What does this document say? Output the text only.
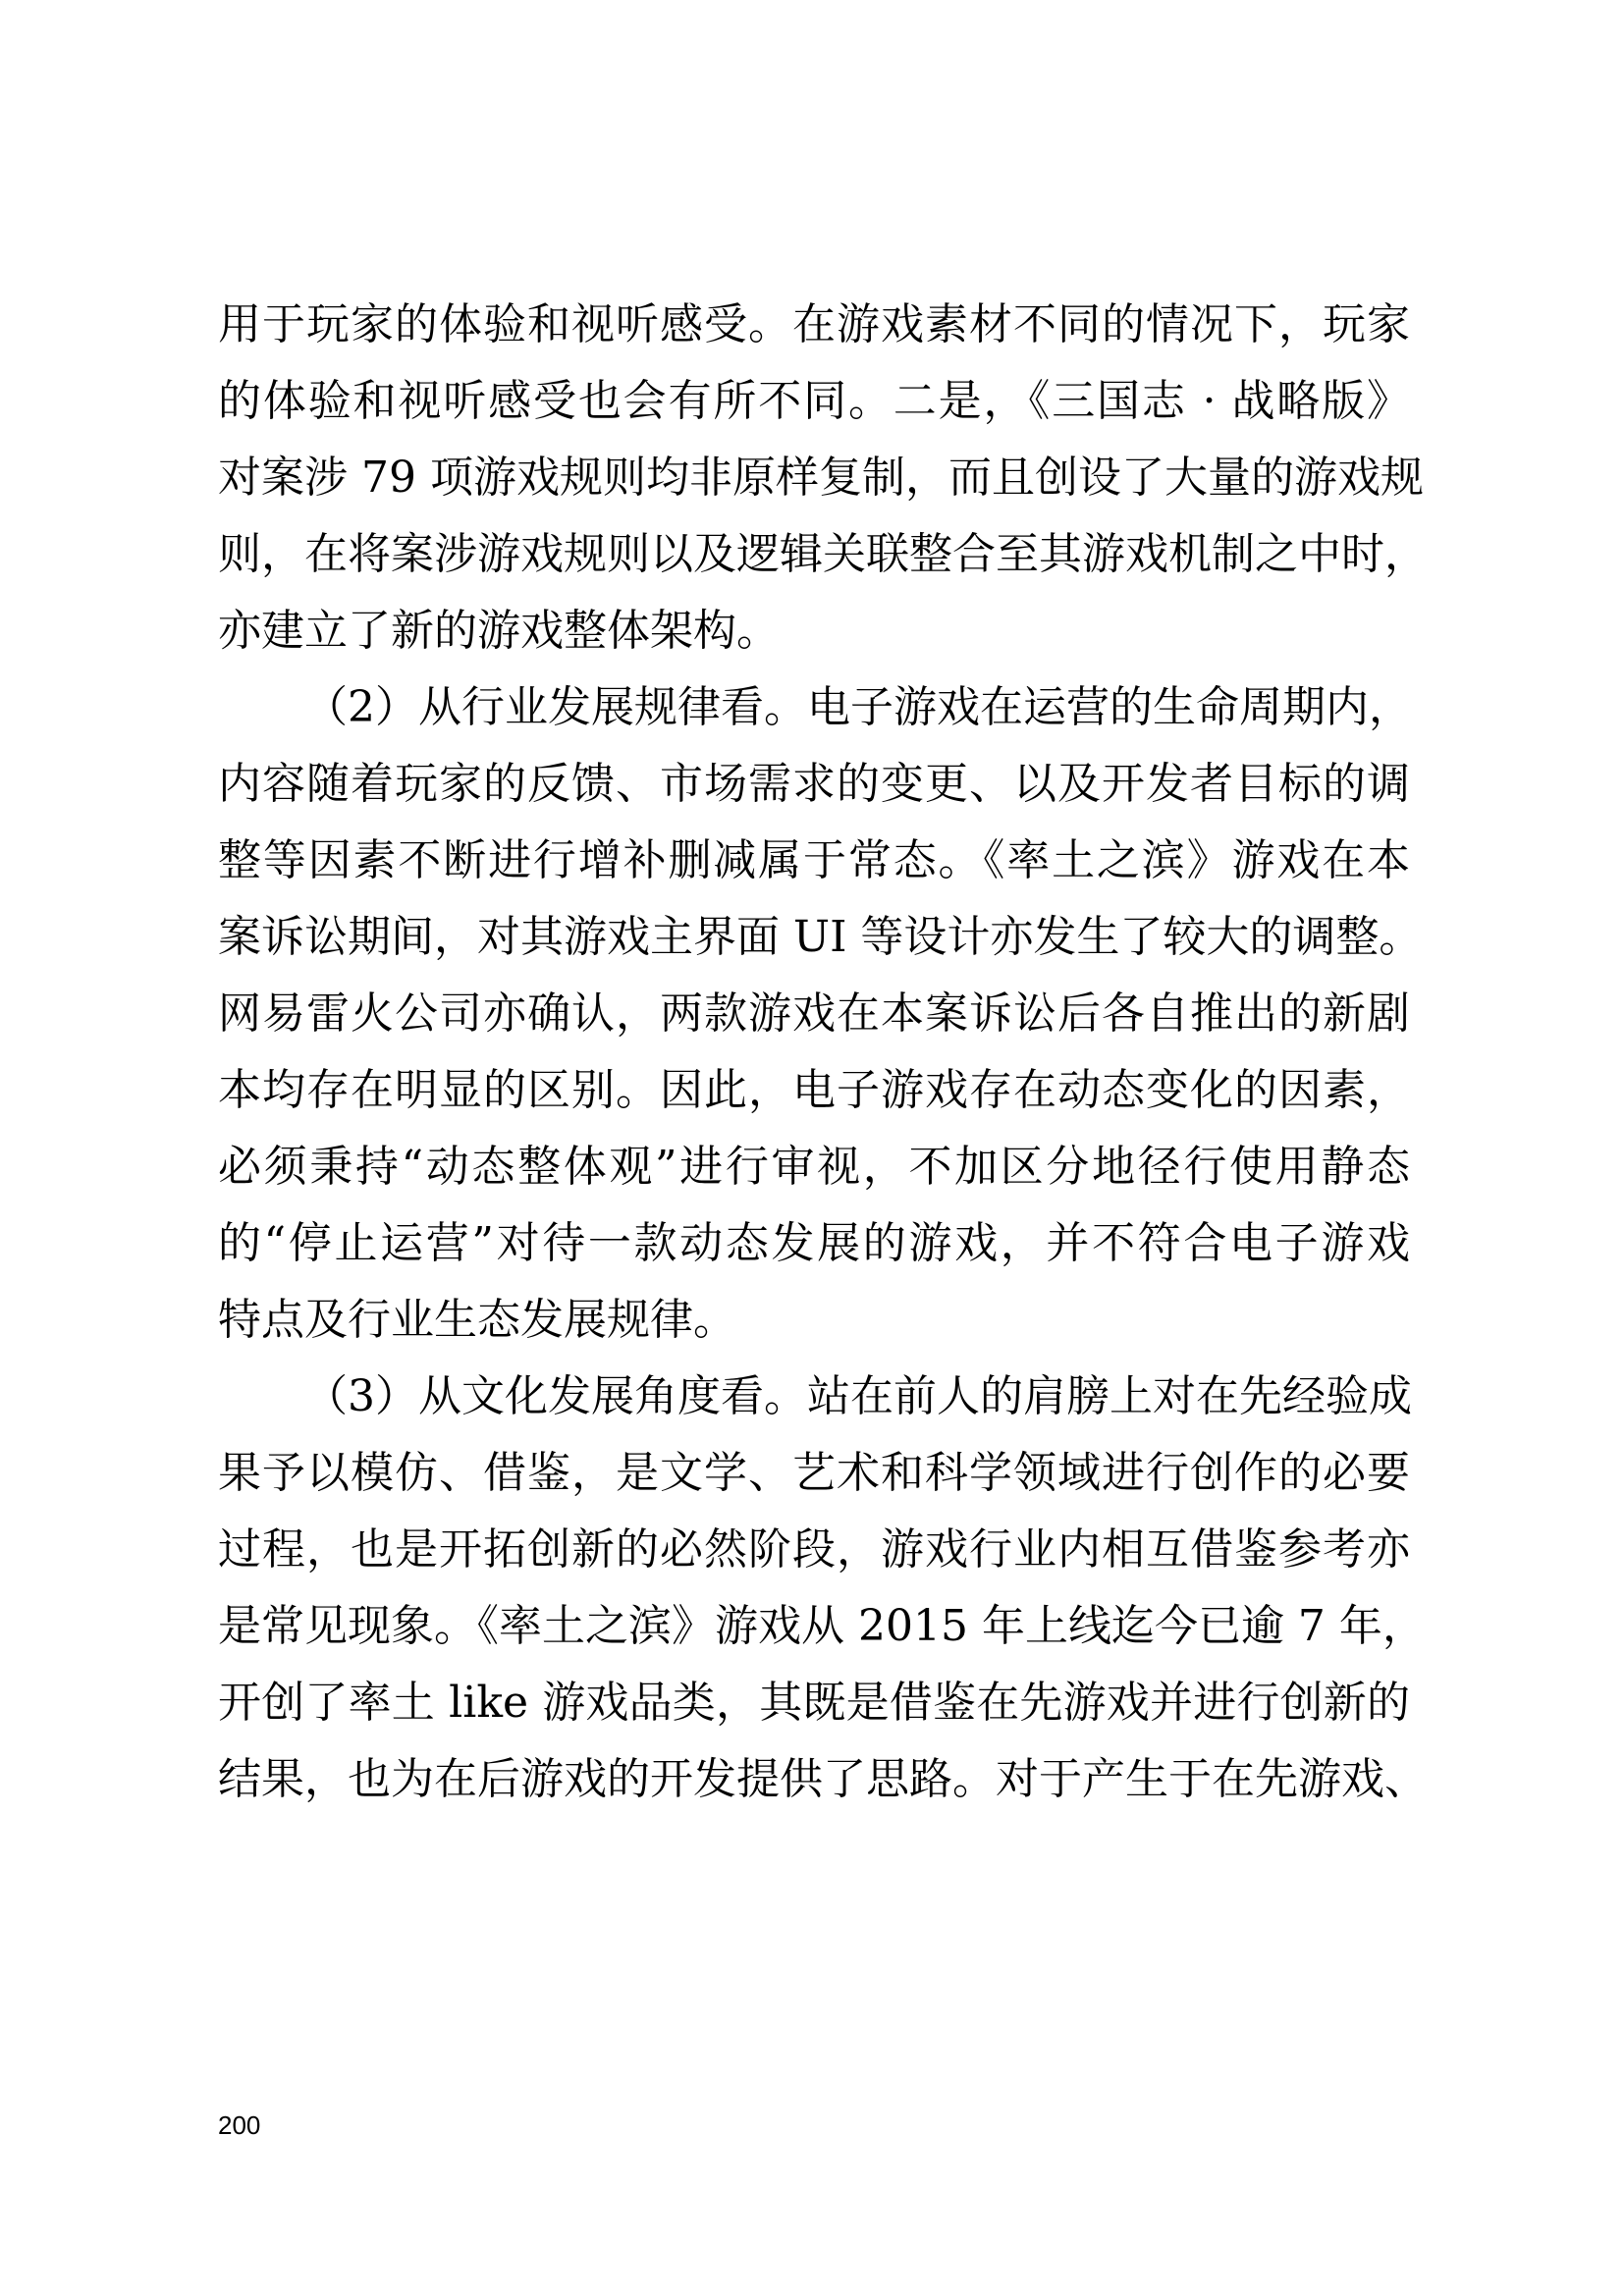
用于玩家的体验和视听感受。在游戏素材不同的情况下，玩家
的体验和视听感受也会有所不同。二是，《三国志 · 战略版》
对案涉 79 项游戏规则均非原样复制，而且创设了大量的游戏规
则，在将案涉游戏规则以及逻辑关联整合至其游戏机制之中时，
亦建立了新的游戏整体架构。
（2）从行业发展规律看。电子游戏在运营的生命周期内，
内容随着玩家的反馈、市场需求的变更、以及开发者目标的调
整等因素不断进行增补删减属于常态。《率土之滨》游戏在本
案诉讼期间，对其游戏主界面 UI 等设计亦发生了较大的调整。
网易雷火公司亦确认，两款游戏在本案诉讼后各自推出的新剧
本均存在明显的区别。因此，电子游戏存在动态变化的因素，
必须秉持“动态整体观”进行审视，不加区分地径行使用静态
的“停止运营”对待一款动态发展的游戏，并不符合电子游戏
特点及行业生态发展规律。
（3）从文化发展角度看。站在前人的肩膀上对在先经验成
果予以模仿、借鉴，是文学、艺术和科学领域进行创作的必要
过程，也是开拓创新的必然阶段，游戏行业内相互借鉴参考亦
是常见现象。《率土之滨》游戏从 2015 年上线迄今已逾 7 年，
开创了率土 like 游戏品类，其既是借鉴在先游戏并进行创新的
结果，也为在后游戏的开发提供了思路。对于产生于在先游戏、
200
